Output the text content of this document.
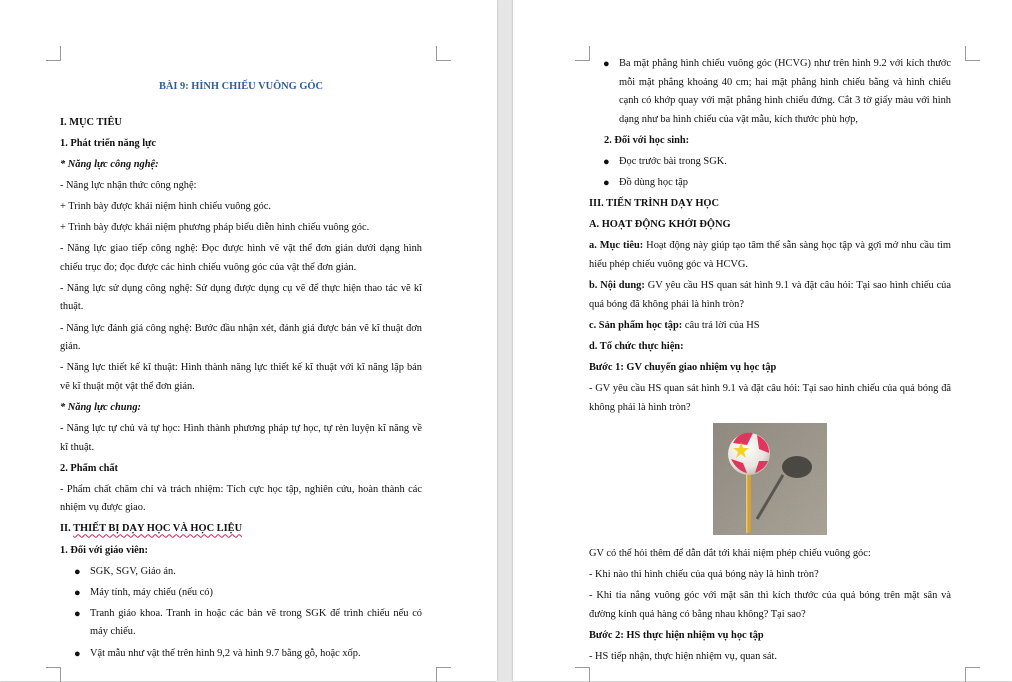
BÀI 9: HÌNH CHIẾU VUÔNG GÓC

I. MỤC TIÊU

1. Phát triển năng lực

* Năng lực công nghệ:

- Năng lực nhận thức công nghệ:

+ Trình bày được khái niệm hình chiếu vuông góc.

+ Trình bày được khái niệm phương pháp biểu diễn hình chiếu vuông góc.

- Năng lực giao tiếp công nghệ: Đọc được hình vẽ vật thể đơn giản dưới dạng hình chiếu trục đo; đọc được các hình chiếu vuông góc của vật thể đơn giản.

- Năng lực sử dụng công nghệ: Sử dụng được dụng cụ vẽ để thực hiện thao tác vẽ kĩ thuật.

- Năng lực đánh giá công nghệ: Bước đầu nhận xét, đánh giá được bản vẽ kĩ thuật đơn giản.

- Năng lực thiết kế kĩ thuật: Hình thành năng lực thiết kế kĩ thuật với kĩ năng lập bản vẽ kĩ thuật một vật thể đơn giản.

* Năng lực chung:

- Năng lực tự chủ và tự học: Hình thành phương pháp tự học, tự rèn luyện kĩ năng về kĩ thuật.

2. Phẩm chất

- Phẩm chất chăm chỉ và trách nhiệm: Tích cực học tập, nghiên cứu, hoàn thành các nhiệm vụ được giao.

II. THIẾT BỊ DẠY HỌC VÀ HỌC LIỆU

1. Đối với giáo viên:

● SGK, SGV, Giáo án.
● Máy tính, máy chiếu (nếu có)
● Tranh giáo khoa. Tranh in hoặc các bản vẽ trong SGK để trình chiếu nếu có máy chiếu.
● Vật mẫu như vật thể trên hình 9,2 và hình 9.7 bằng gỗ, hoặc xốp.
● Ba mặt phẳng hình chiếu vuông góc (HCVG) như trên hình 9.2 với kích thước mỗi mặt phẳng khoảng 40 cm; hai mặt phẳng hình chiếu bằng và hình chiếu cạnh có khớp quay với mặt phẳng hình chiếu đứng. Cắt 3 tờ giấy màu với hình dạng như ba hình chiếu của vật mẫu, kích thước phù hợp,

2. Đối với học sinh:

● Đọc trước bài trong SGK.
● Đồ dùng học tập

III. TIẾN TRÌNH DẠY HỌC

A. HOẠT ĐỘNG KHỞI ĐỘNG

a. Mục tiêu: Hoạt động này giúp tạo tâm thế sẵn sàng học tập và gợi mở nhu cầu tìm hiểu phép chiếu vuông góc và HCVG.

b. Nội dung: GV yêu cầu HS quan sát hình 9.1 và đặt câu hỏi: Tại sao hình chiếu của quả bóng đã không phải là hình tròn?

c. Sản phẩm học tập: câu trả lời của HS

d. Tổ chức thực hiện:

Bước 1: GV chuyển giao nhiệm vụ học tập

- GV yêu cầu HS quan sát hình 9.1 và đặt câu hỏi: Tại sao hình chiếu của quả bóng đã không phải là hình tròn?

GV có thể hỏi thêm để dẫn dắt tới khái niệm phép chiếu vuông góc:

- Khi nào thì hình chiếu của quả bóng này là hình tròn?

- Khi tia nắng vuông góc với mặt sân thì kích thước của quả bóng trên mặt sân và đường kính quả hàng có bằng nhau không? Tại sao?

Bước 2: HS thực hiện nhiệm vụ học tập

- HS tiếp nhận, thực hiện nhiệm vụ, quan sát.
